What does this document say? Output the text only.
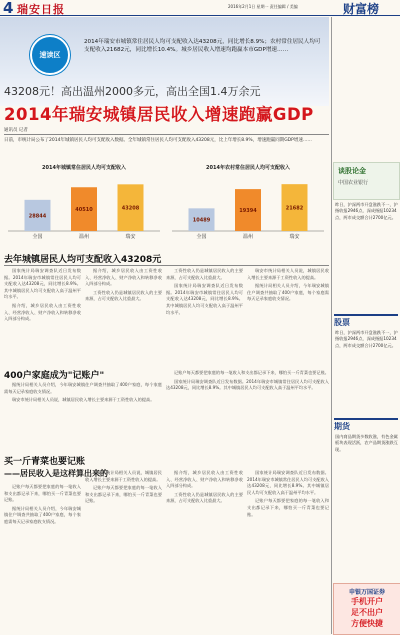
4 瑞安日报	2016年2月1日 星期一 责任编辑 / 美编	财富榜
速读区
2014年瑞安市城镇常住居民人均可支配收入达43208元，同比增长8.9%；农村常住居民人均可支配收入21682元，同比增长10.4%。城乡居民收入增速均跑赢本市GDP增速……
43208元！高出温州2000多元，高出全国1.4万余元
2014年瑞安城镇居民收入增速跑赢GDP
通讯员 记者
日前，市统计局公布了2014年城镇居民人均可支配收入数据。全年城镇常住居民人均可支配收入43208元，比上年增长8.9%，增速跑赢同期GDP增速……
2014年城镇常住居民人均可支配收入
28844
全国
40510
温州
43208
瑞安
2014年农村常住居民人均可支配收入
10489
全国
19394
温州
21682
瑞安
去年城镇居民人均可支配收入43208元

国家统计局瑞安调查队近日发布数据。2014年瑞安市城镇常住居民人均可支配收入达43208元，同比增长8.9%。其中城镇居民人均可支配收入高于温州平均水平。

据介绍，城乡居民收入由工资性收入、经营净收入、财产净收入和转移净收入四部分构成。

据介绍，城乡居民收入由工资性收入、经营净收入、财产净收入和转移净收入四部分构成。

工资性收入仍是城镇居民收入的主要来源，占可支配收入比重最大。

工资性收入仍是城镇居民收入的主要来源，占可支配收入比重最大。

国家统计局瑞安调查队近日发布数据。2014年瑞安市城镇常住居民人均可支配收入达43208元，同比增长8.9%。其中城镇居民人均可支配收入高于温州平均水平。

瑞安市统计局相关人员说，城镇居民收入增长主要来源于工资性收入的提高。

据统计局相关人员介绍，今年瑞安城镇住户调查共抽取了400户家庭，每个家庭需每天记录家庭收支情况。

400户家庭成为"记账户"

据统计局相关人员介绍，今年瑞安城镇住户调查共抽取了400户家庭，每个家庭需每天记录家庭收支情况。

瑞安市统计局相关人员说，城镇居民收入增长主要来源于工资性收入的提高。

记账户每天都要把家庭的每一笔收入和支出都记录下来，哪怕买一斤青菜也要记账。

国家统计局瑞安调查队近日发布数据。2014年瑞安市城镇常住居民人均可支配收入达43208元，同比增长8.9%。其中城镇居民人均可支配收入高于温州平均水平。

买一斤青菜也要记账
——居民收入是这样算出来的

记账户每天都要把家庭的每一笔收入和支出都记录下来，哪怕买一斤青菜也要记账。

据统计局相关人员介绍，今年瑞安城镇住户调查共抽取了400户家庭，每个家庭需每天记录家庭收支情况。

瑞安市统计局相关人员说，城镇居民收入增长主要来源于工资性收入的提高。

记账户每天都要把家庭的每一笔收入和支出都记录下来，哪怕买一斤青菜也要记账。

据介绍，城乡居民收入由工资性收入、经营净收入、财产净收入和转移净收入四部分构成。

工资性收入仍是城镇居民收入的主要来源，占可支配收入比重最大。

国家统计局瑞安调查队近日发布数据。2014年瑞安市城镇常住居民人均可支配收入达43208元，同比增长8.9%。其中城镇居民人均可支配收入高于温州平均水平。

记账户每天都要把家庭的每一笔收入和支出都记录下来，哪怕买一斤青菜也要记账。

谈股论金
中国农业银行
昨日，沪深两市开盘涨跌不一，沪指收报2946点，深成指报10234点，两市成交额合计2700亿元。
股票
昨日，沪深两市开盘涨跌不一，沪指收报2946点，深成指报10234点，两市成交额合计2700亿元。
期货
国内商品期货多数收涨，有色金属板块表现活跃，农产品期货涨跌互现。
申银万国证券
手机开户
足不出户
方便快捷
